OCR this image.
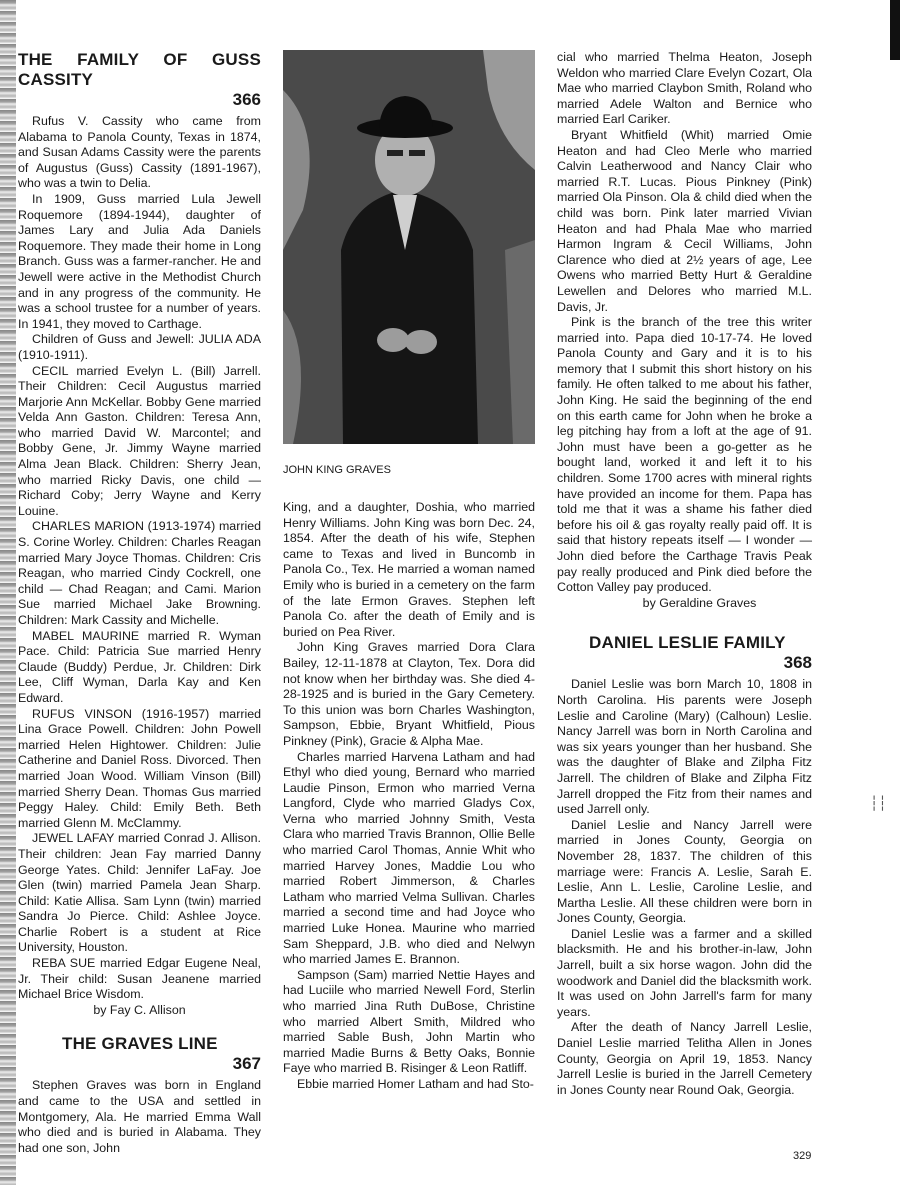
THE FAMILY OF GUSS CASSITY
366

Rufus V. Cassity who came from Alabama to Panola County, Texas in 1874, and Susan Adams Cassity were the parents of Augustus (Guss) Cassity (1891-1967), who was a twin to Delia.

In 1909, Guss married Lula Jewell Roquemore (1894-1944), daughter of James Lary and Julia Ada Daniels Roquemore. They made their home in Long Branch. Guss was a farmer-rancher. He and Jewell were active in the Methodist Church and in any progress of the community. He was a school trustee for a number of years. In 1941, they moved to Carthage.

Children of Guss and Jewell: JULIA ADA (1910-1911).

CECIL married Evelyn L. (Bill) Jarrell. Their Children: Cecil Augustus married Marjorie Ann McKellar. Bobby Gene married Velda Ann Gaston. Children: Teresa Ann, who married David W. Marcontel; and Bobby Gene, Jr. Jimmy Wayne married Alma Jean Black. Children: Sherry Jean, who married Ricky Davis, one child — Richard Coby; Jerry Wayne and Kerry Louine.

CHARLES MARION (1913-1974) married S. Corine Worley. Children: Charles Reagan married Mary Joyce Thomas. Children: Cris Reagan, who married Cindy Cockrell, one child — Chad Reagan; and Cami. Marion Sue married Michael Jake Browning. Children: Mark Cassity and Michelle.

MABEL MAURINE married R. Wyman Pace. Child: Patricia Sue married Henry Claude (Buddy) Perdue, Jr. Children: Dirk Lee, Cliff Wyman, Darla Kay and Ken Edward.

RUFUS VINSON (1916-1957) married Lina Grace Powell. Children: John Powell married Helen Hightower. Children: Julie Catherine and Daniel Ross. Divorced. Then married Joan Wood. William Vinson (Bill) married Sherry Dean. Thomas Gus married Peggy Haley. Child: Emily Beth. Beth married Glenn M. McClammy.

JEWEL LAFAY married Conrad J. Allison. Their children: Jean Fay married Danny George Yates. Child: Jennifer LaFay. Joe Glen (twin) married Pamela Jean Sharp. Child: Katie Allisa. Sam Lynn (twin) married Sandra Jo Pierce. Child: Ashlee Joyce. Charlie Robert is a student at Rice University, Houston.

REBA SUE married Edgar Eugene Neal, Jr. Their child: Susan Jeanene married Michael Brice Wisdom.

by Fay C. Allison
THE GRAVES LINE
367

Stephen Graves was born in England and came to the USA and settled in Montgomery, Ala. He married Emma Wall who died and is buried in Alabama. They had one son, John

JOHN KING GRAVES

King, and a daughter, Doshia, who married Henry Williams. John King was born Dec. 24, 1854. After the death of his wife, Stephen came to Texas and lived in Buncomb in Panola Co., Tex. He married a woman named Emily who is buried in a cemetery on the farm of the late Ermon Graves. Stephen left Panola Co. after the death of Emily and is buried on Pea River.

John King Graves married Dora Clara Bailey, 12-11-1878 at Clayton, Tex. Dora did not know when her birthday was. She died 4-28-1925 and is buried in the Gary Cemetery. To this union was born Charles Washington, Sampson, Ebbie, Bryant Whitfield, Pious Pinkney (Pink), Gracie & Alpha Mae.

Charles married Harvena Latham and had Ethyl who died young, Bernard who married Laudie Pinson, Ermon who married Verna Langford, Clyde who married Gladys Cox, Verna who married Johnny Smith, Vesta Clara who married Travis Brannon, Ollie Belle who married Carol Thomas, Annie Whit who married Harvey Jones, Maddie Lou who married Robert Jimmerson, & Charles Latham who married Velma Sullivan. Charles married a second time and had Joyce who married Luke Honea. Maurine who married Sam Sheppard, J.B. who died and Nelwyn who married James E. Brannon.

Sampson (Sam) married Nettie Hayes and had Luciile who married Newell Ford, Sterlin who married Jina Ruth DuBose, Christine who married Albert Smith, Mildred who married Sable Bush, John Martin who married Madie Burns & Betty Oaks, Bonnie Faye who married B. Risinger & Leon Ratliff.

Ebbie married Homer Latham and had Sto-

cial who married Thelma Heaton, Joseph Weldon who married Clare Evelyn Cozart, Ola Mae who married Claybon Smith, Roland who married Adele Walton and Bernice who married Earl Cariker.

Bryant Whitfield (Whit) married Omie Heaton and had Cleo Merle who married Calvin Leatherwood and Nancy Clair who married R.T. Lucas. Pious Pinkney (Pink) married Ola Pinson. Ola & child died when the child was born. Pink later married Vivian Heaton and had Phala Mae who married Harmon Ingram & Cecil Williams, John Clarence who died at 2½ years of age, Lee Owens who married Betty Hurt & Geraldine Lewellen and Delores who married M.L. Davis, Jr.

Pink is the branch of the tree this writer married into. Papa died 10-17-74. He loved Panola County and Gary and it is to his memory that I submit this short history on his family. He often talked to me about his father, John King. He said the beginning of the end on this earth came for John when he broke a leg pitching hay from a loft at the age of 91. John must have been a go-getter as he bought land, worked it and left it to his children. Some 1700 acres with mineral rights have provided an income for them. Papa has told me that it was a shame his father died before his oil & gas royalty really paid off. It is said that history repeats itself — I wonder — John died before the Carthage Travis Peak pay really produced and Pink died before the Cotton Valley pay produced.

by Geraldine Graves
DANIEL LESLIE FAMILY
368

Daniel Leslie was born March 10, 1808 in North Carolina. His parents were Joseph Leslie and Caroline (Mary) (Calhoun) Leslie. Nancy Jarrell was born in North Carolina and was six years younger than her husband. She was the daughter of Blake and Zilpha Fitz Jarrell. The children of Blake and Zilpha Fitz Jarrell dropped the Fitz from their names and used Jarrell only.

Daniel Leslie and Nancy Jarrell were married in Jones County, Georgia on November 28, 1837. The children of this marriage were: Francis A. Leslie, Sarah E. Leslie, Ann L. Leslie, Caroline Leslie, and Martha Leslie. All these children were born in Jones County, Georgia.

Daniel Leslie was a farmer and a skilled blacksmith. He and his brother-in-law, John Jarrell, built a six horse wagon. John did the woodwork and Daniel did the blacksmith work. It was used on John Jarrell's farm for many years.

After the death of Nancy Jarrell Leslie, Daniel Leslie married Telitha Allen in Jones County, Georgia on April 19, 1853. Nancy Jarrell Leslie is buried in the Jarrell Cemetery in Jones County near Round Oak, Georgia.

┆┆
329
